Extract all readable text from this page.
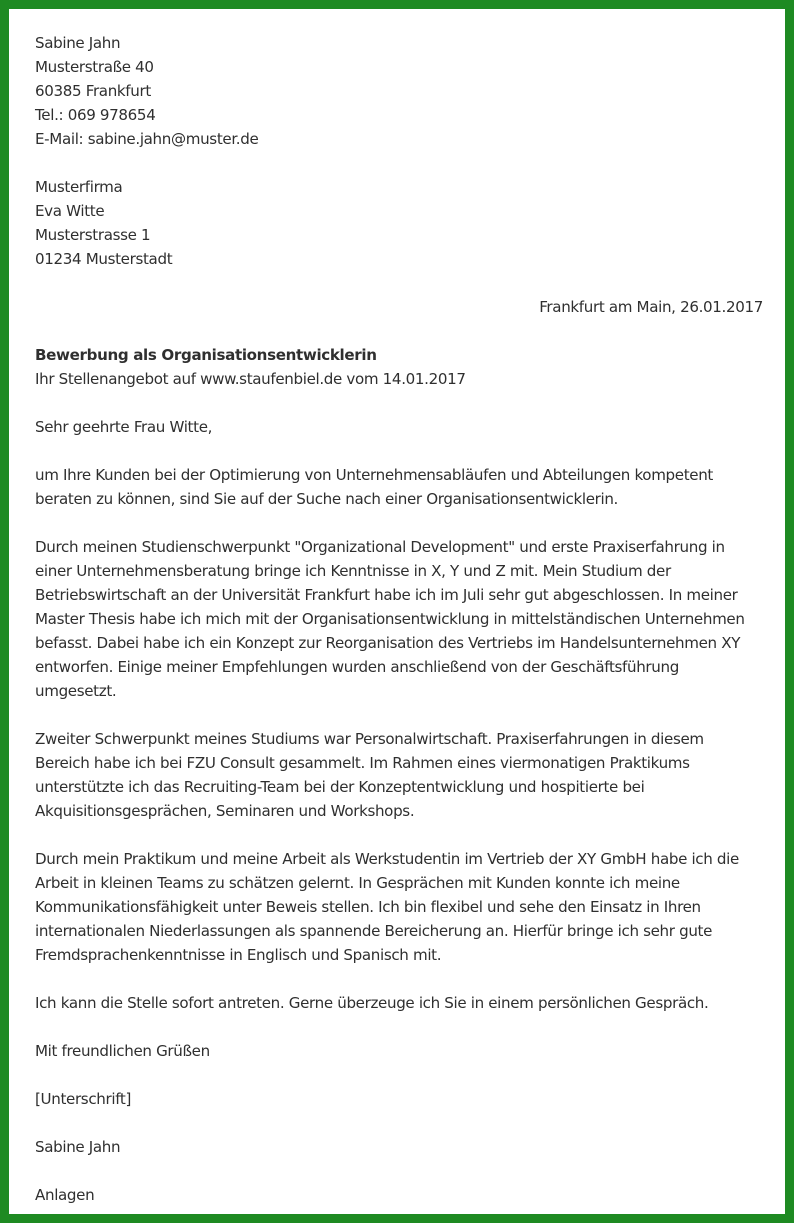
Sabine Jahn
Musterstraße 40
60385 Frankfurt
Tel.: 069 978654
E-Mail: sabine.jahn@muster.de
Musterfirma
Eva Witte
Musterstrasse 1
01234 Musterstadt
Frankfurt am Main, 26.01.2017
Bewerbung als Organisationsentwicklerin
Ihr Stellenangebot auf www.staufenbiel.de vom 14.01.2017
Sehr geehrte Frau Witte,
um Ihre Kunden bei der Optimierung von Unternehmensabläufen und Abteilungen kompetent
beraten zu können, sind Sie auf der Suche nach einer Organisationsentwicklerin.
Durch meinen Studienschwerpunkt "Organizational Development" und erste Praxiserfahrung in
einer Unternehmensberatung bringe ich Kenntnisse in X, Y und Z mit. Mein Studium der
Betriebswirtschaft an der Universität Frankfurt habe ich im Juli sehr gut abgeschlossen. In meiner
Master Thesis habe ich mich mit der Organisationsentwicklung in mittelständischen Unternehmen
befasst. Dabei habe ich ein Konzept zur Reorganisation des Vertriebs im Handelsunternehmen XY
entworfen. Einige meiner Empfehlungen wurden anschließend von der Geschäftsführung
umgesetzt.
Zweiter Schwerpunkt meines Studiums war Personalwirtschaft. Praxiserfahrungen in diesem
Bereich habe ich bei FZU Consult gesammelt. Im Rahmen eines viermonatigen Praktikums
unterstützte ich das Recruiting-Team bei der Konzeptentwicklung und hospitierte bei
Akquisitionsgesprächen, Seminaren und Workshops.
Durch mein Praktikum und meine Arbeit als Werkstudentin im Vertrieb der XY GmbH habe ich die
Arbeit in kleinen Teams zu schätzen gelernt. In Gesprächen mit Kunden konnte ich meine
Kommunikationsfähigkeit unter Beweis stellen. Ich bin flexibel und sehe den Einsatz in Ihren
internationalen Niederlassungen als spannende Bereicherung an. Hierfür bringe ich sehr gute
Fremdsprachenkenntnisse in Englisch und Spanisch mit.
Ich kann die Stelle sofort antreten. Gerne überzeuge ich Sie in einem persönlichen Gespräch.
Mit freundlichen Grüßen
[Unterschrift]
Sabine Jahn
Anlagen
